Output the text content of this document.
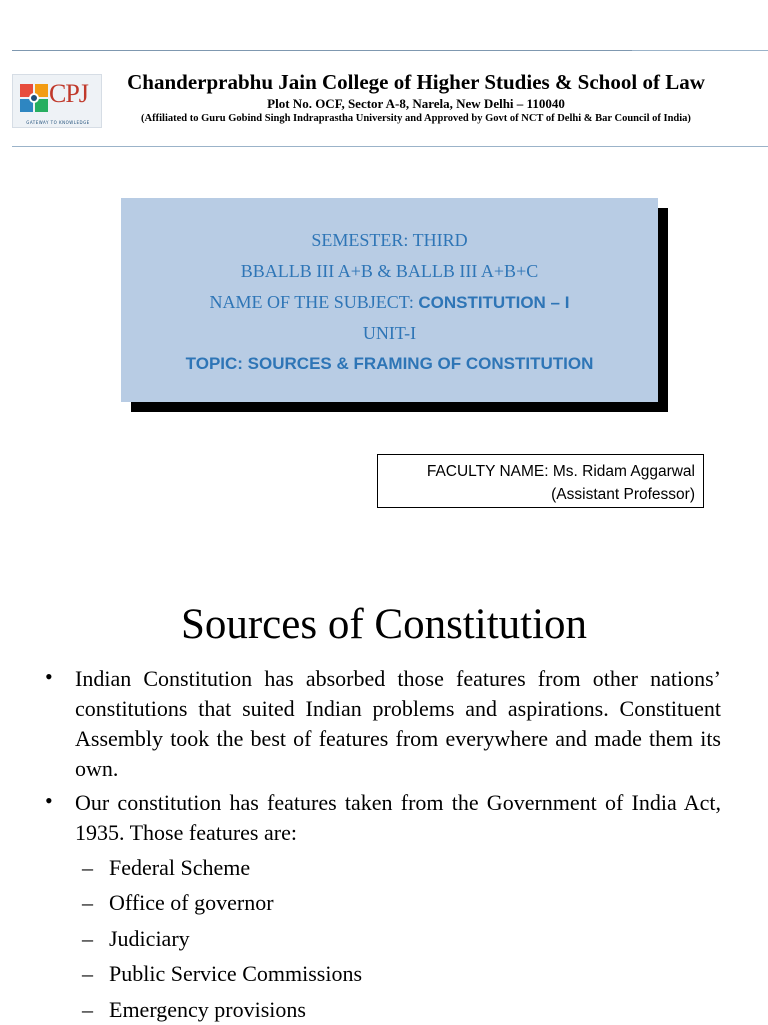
CPJ
GATEWAY TO KNOWLEDGE
Chanderprabhu Jain College of Higher Studies & School of Law
Plot No. OCF, Sector A-8, Narela, New Delhi – 110040
(Affiliated to Guru Gobind Singh Indraprastha University and Approved by Govt of NCT of Delhi & Bar Council of India)
SEMESTER: THIRD
BBALLB III A+B & BALLB III A+B+C
NAME OF THE SUBJECT: CONSTITUTION – I
UNIT-I
TOPIC: SOURCES & FRAMING OF CONSTITUTION
FACULTY NAME: Ms. Ridam Aggarwal
(Assistant Professor)
Sources of Constitution
• Indian Constitution has absorbed those features from other nations’ constitutions that suited Indian problems and aspirations. Constituent Assembly took the best of features from everywhere and made them its own.
• Our constitution has features taken from the Government of India Act, 1935. Those features are:
– Federal Scheme
– Office of governor
– Judiciary
– Public Service Commissions
– Emergency provisions
